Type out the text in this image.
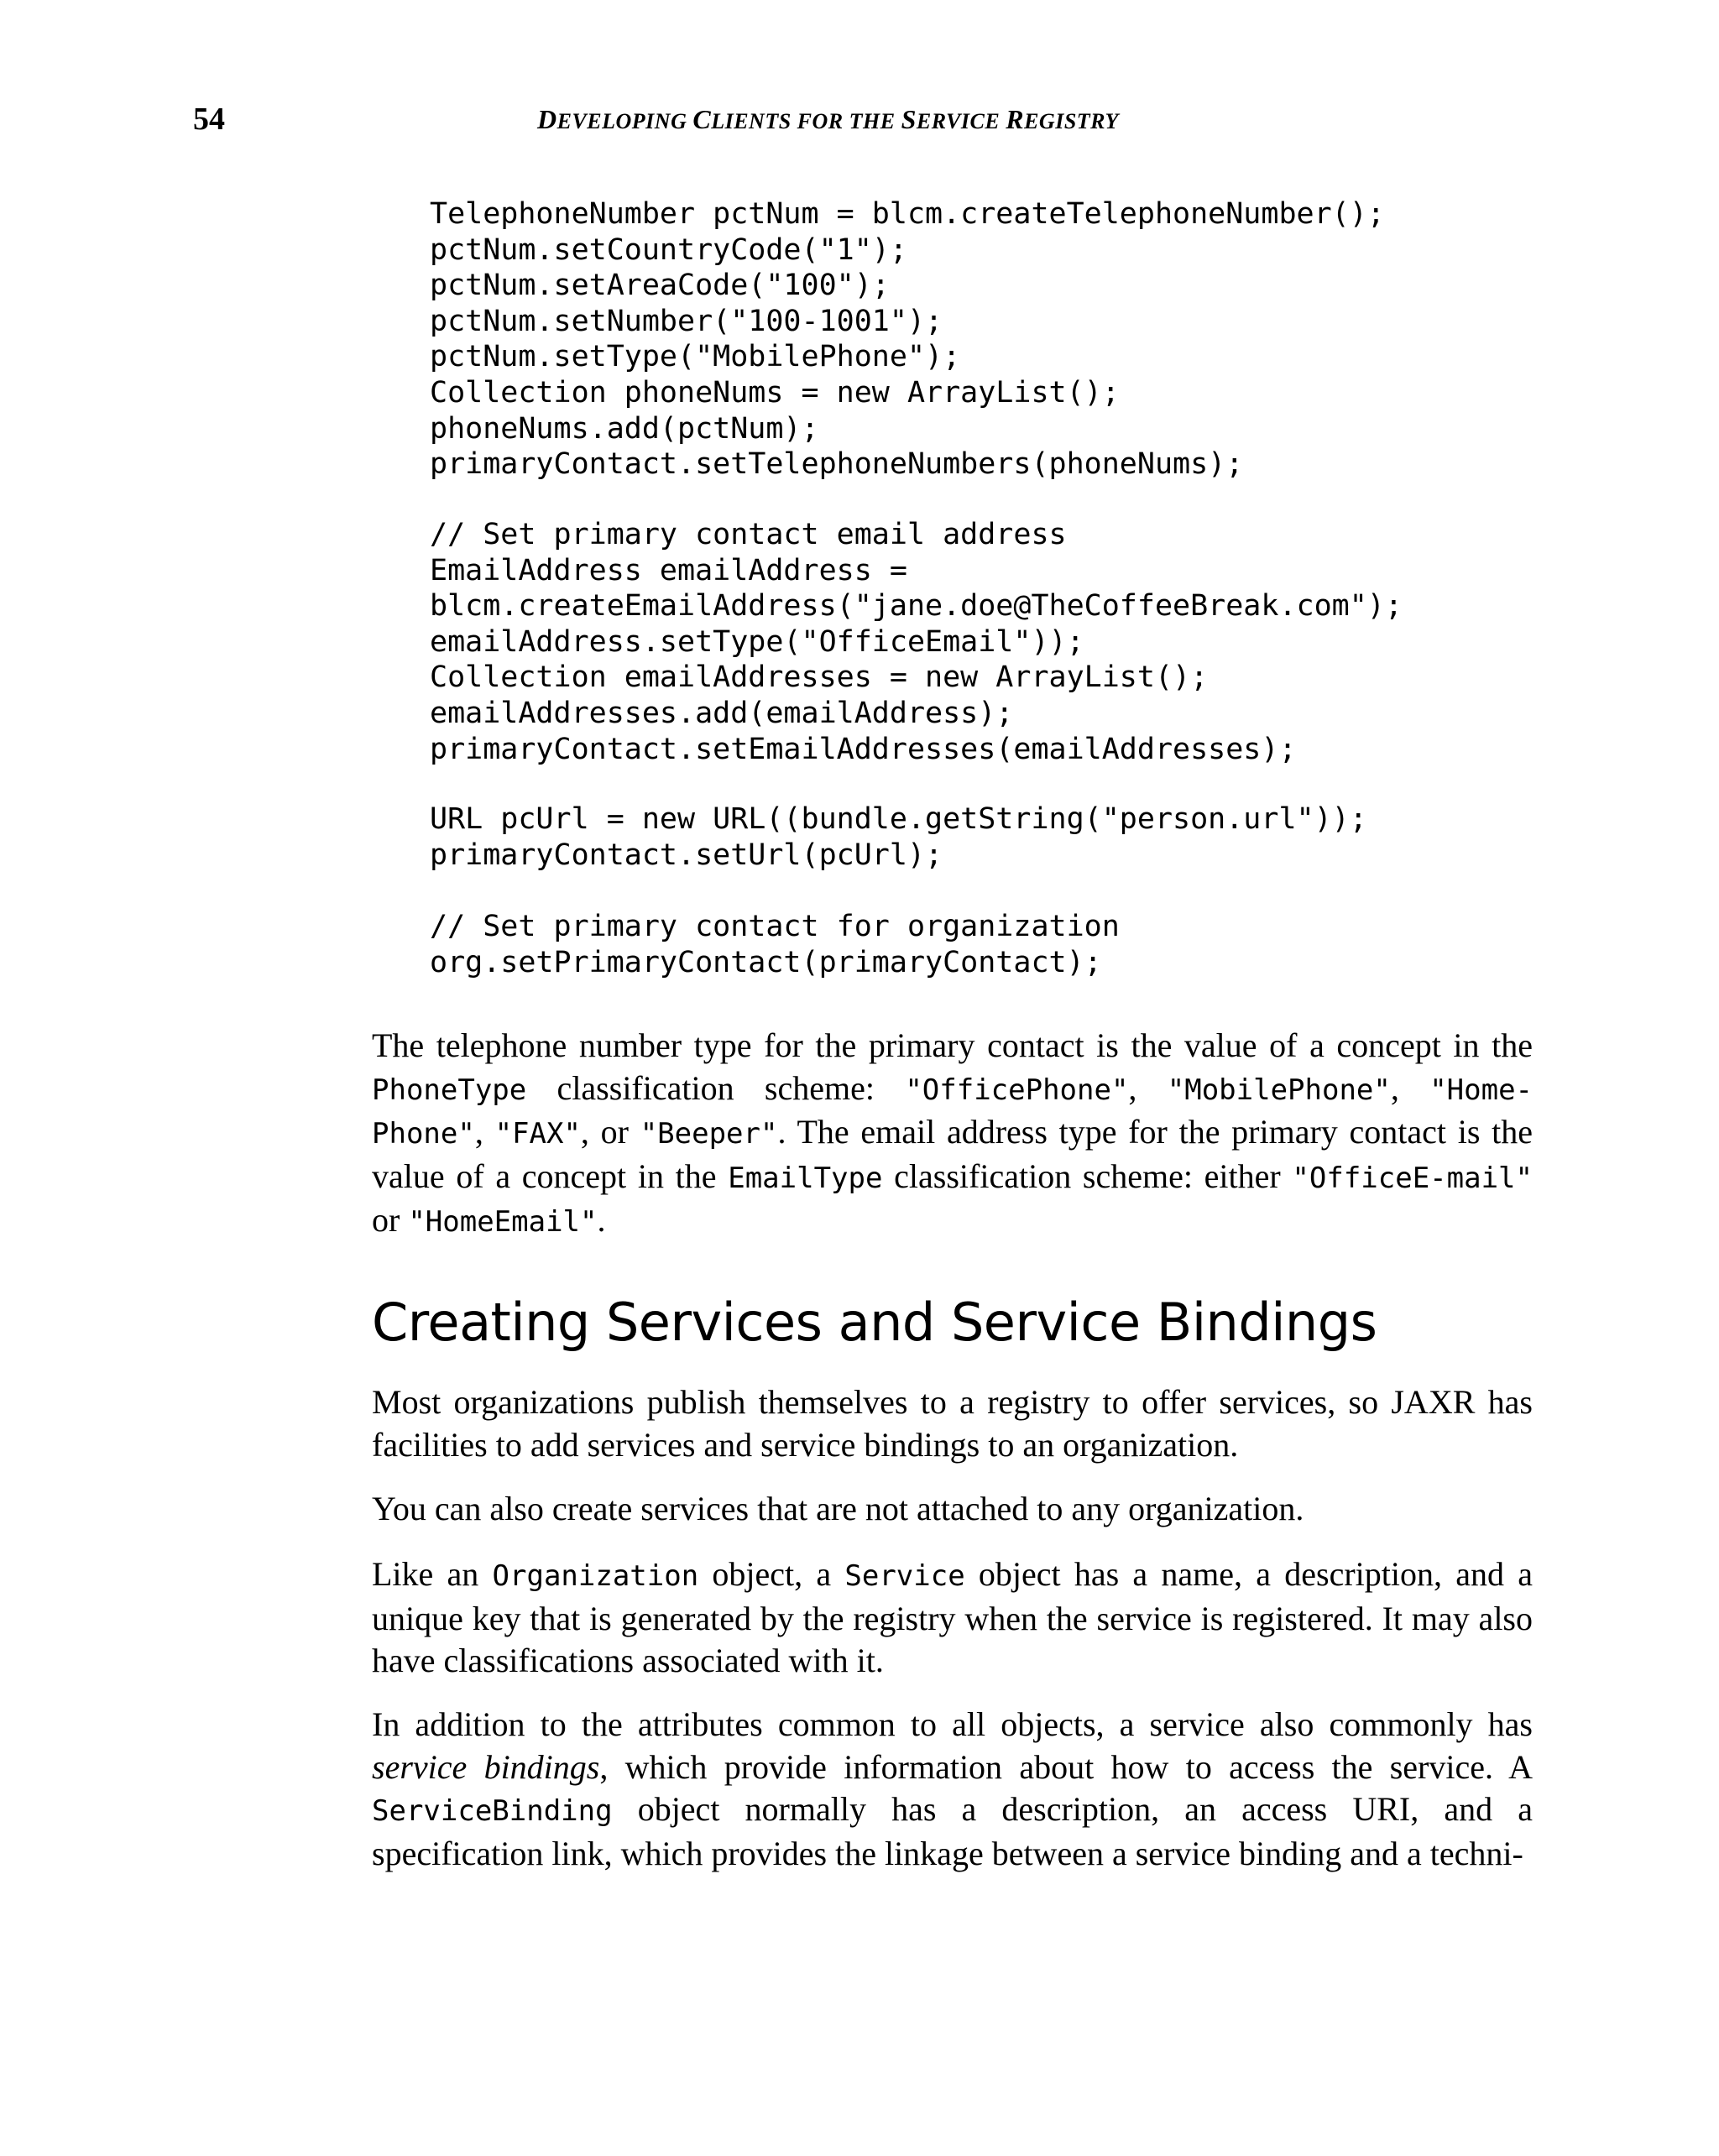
54	DEVELOPING CLIENTS FOR THE SERVICE REGISTRY
TelephoneNumber pctNum = blcm.createTelephoneNumber();
pctNum.setCountryCode("1");
pctNum.setAreaCode("100");
pctNum.setNumber("100-1001");
pctNum.setType("MobilePhone");
Collection phoneNums = new ArrayList();
phoneNums.add(pctNum);
primaryContact.setTelephoneNumbers(phoneNums);
// Set primary contact email address
EmailAddress emailAddress =
blcm.createEmailAddress("jane.doe@TheCoffeeBreak.com");
emailAddress.setType("OfficeEmail"));
Collection emailAddresses = new ArrayList();
emailAddresses.add(emailAddress);
primaryContact.setEmailAddresses(emailAddresses);
URL pcUrl = new URL((bundle.getString("person.url"));
primaryContact.setUrl(pcUrl);
// Set primary contact for organization
org.setPrimaryContact(primaryContact);

The telephone number type for the primary contact is the value of a concept in the PhoneType classification scheme: "OfficePhone", "MobilePhone", "Home-Phone", "FAX", or "Beeper". The email address type for the primary contact is the value of a concept in the EmailType classification scheme: either "OfficeE-mail" or "HomeEmail".

Creating Services and Service Bindings

Most organizations publish themselves to a registry to offer services, so JAXR has facilities to add services and service bindings to an organization.

You can also create services that are not attached to any organization.

Like an Organization object, a Service object has a name, a description, and a unique key that is generated by the registry when the service is registered. It may also have classifications associated with it.

In addition to the attributes common to all objects, a service also commonly has service bindings, which provide information about how to access the service. A ServiceBinding object normally has a description, an access URI, and a specification link, which provides the linkage between a service binding and a techni-
